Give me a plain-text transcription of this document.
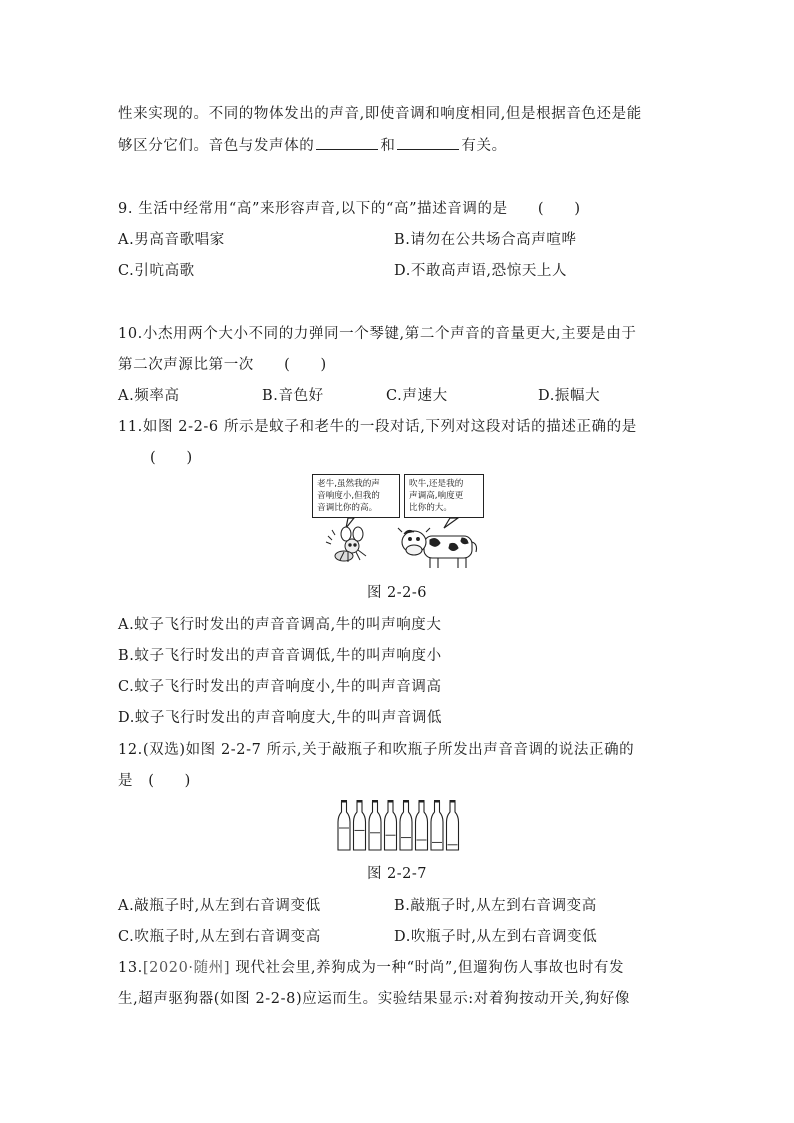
性来实现的。不同的物体发出的声音,即使音调和响度相同,但是根据音色还是能
够区分它们。音色与发声体的	和	有关。
9. 生活中经常用“高”来形容声音,以下的“高”描述音调的是　　(　　)
A.男高音歌唱家	B.请勿在公共场合高声喧哗
C.引吭高歌	D.不敢高声语,恐惊天上人
10.小杰用两个大小不同的力弹同一个琴键,第二个声音的音量更大,主要是由于
第二次声源比第一次　　(　　)
A.频率高	B.音色好	C.声速大	D.振幅大
11.如图 2-2-6 所示是蚊子和老牛的一段对话,下列对这段对话的描述正确的是
(　　)
老牛,虽然我的声
音响度小,但我的
音调比你的高。
吹牛,还是我的
声调高,响度更
比你的大。
图 2-2-6
A.蚊子飞行时发出的声音音调高,牛的叫声响度大
B.蚊子飞行时发出的声音音调低,牛的叫声响度小
C.蚊子飞行时发出的声音响度小,牛的叫声音调高
D.蚊子飞行时发出的声音响度大,牛的叫声音调低
12.(双选)如图 2-2-7 所示,关于敲瓶子和吹瓶子所发出声音音调的说法正确的
是　(　　)
图 2-2-7
A.敲瓶子时,从左到右音调变低	B.敲瓶子时,从左到右音调变高
C.吹瓶子时,从左到右音调变高	D.吹瓶子时,从左到右音调变低
13.[2020·随州] 现代社会里,养狗成为一种“时尚”,但遛狗伤人事故也时有发
生,超声驱狗器(如图 2-2-8)应运而生。实验结果显示:对着狗按动开关,狗好像
